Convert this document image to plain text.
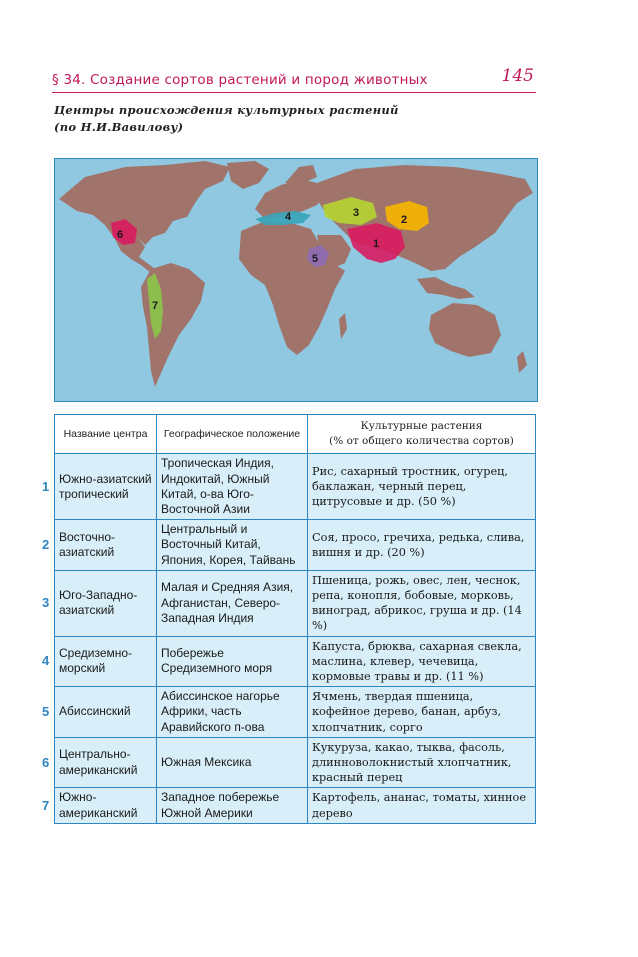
§ 34. Создание сортов растений и пород животных	145
Центры происхождения культурных растений
(по Н.И.Вавилову)
1
2
3
4
5
6
7
Название центра	Географическое положение	Культурные растения
(% от общего количества сортов)

Южно-азиатский тропический	Тропическая Индия, Индокитай, Южный Китай, о-ва Юго-Восточной Азии	Рис, сахарный тростник, огурец, баклажан, черный перец, цитрусовые и др. (50 %)
Восточно-азиатский	Центральный и Восточный Китай, Япония, Корея, Тайвань	Соя, просо, гречиха, редька, слива, вишня и др. (20 %)
Юго-Западно-азиатский	Малая и Средняя Азия, Афганистан, Северо-Западная Индия	Пшеница, рожь, овес, лен, чеснок, репа, конопля, бобовые, морковь, виноград, абрикос, груша и др. (14 %)
Средиземно-морский	Побережье Средиземного моря	Капуста, брюква, сахарная свекла, маслина, клевер, чечевица, кормовые травы и др. (11 %)
Абиссинский	Абиссинское нагорье Африки, часть Аравийского п-ова	Ячмень, твердая пшеница, кофейное дерево, банан, арбуз, хлопчатник, сорго
Центрально-американский	Южная Мексика	Кукуруза, какао, тыква, фасоль, длинноволокнистый хлопчатник, красный перец
Южно-американский	Западное побережье Южной Америки	Картофель, ананас, томаты, хинное дерево
1
2
3
4
5
6
7
